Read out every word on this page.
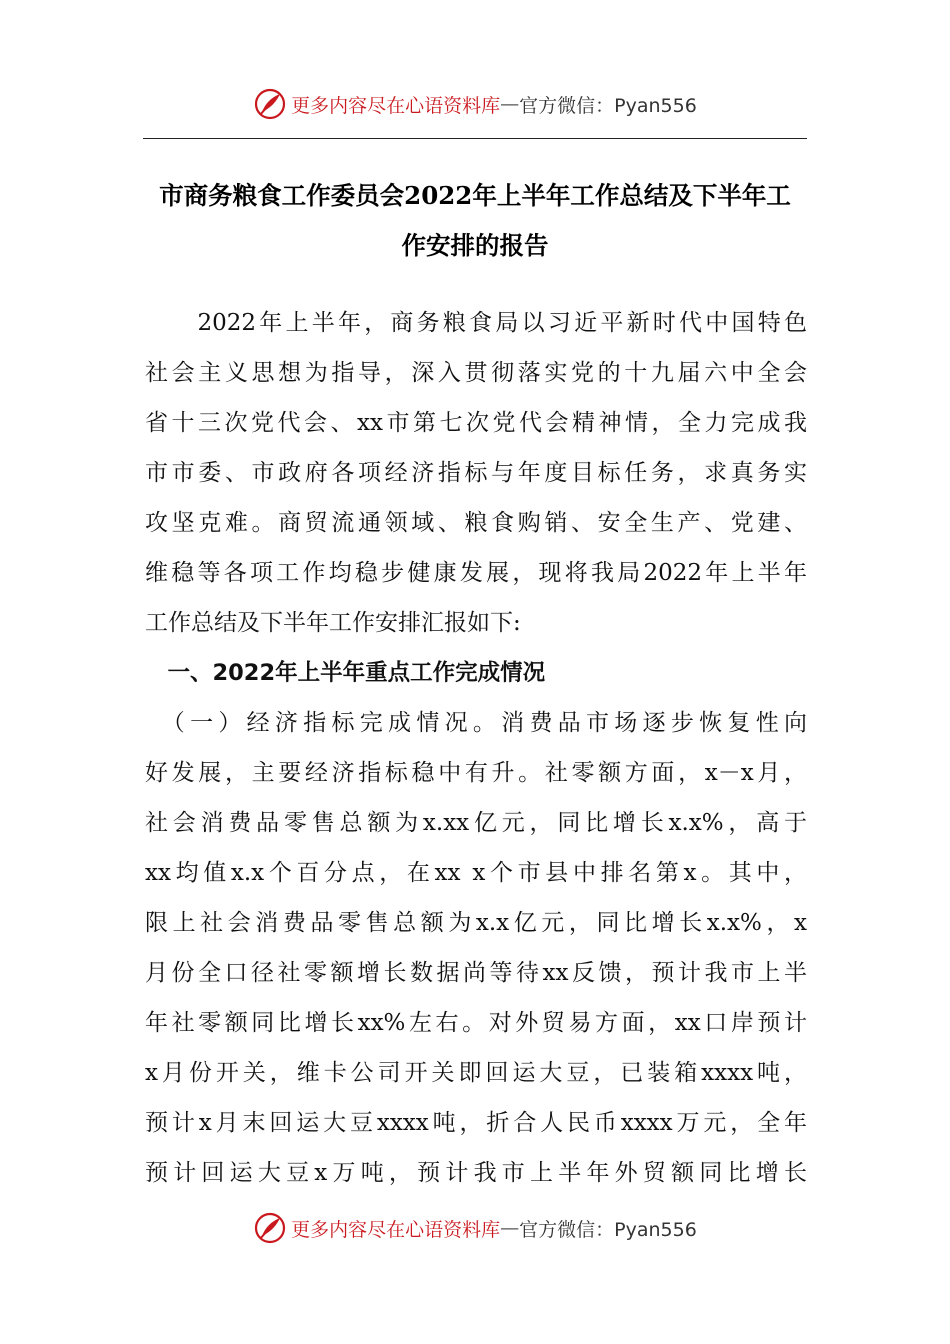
更多内容尽在心语资料库 — 官方微信：Pyan556
市商务粮食工作委员会2022年上半年工作总结及下半年工
作安排的报告
　　2022年上半年，商务粮食局以习近平新时代中国特色
社会主义思想为指导，深入贯彻落实党的十九届六中全会
省十三次党代会、xx市第七次党代会精神情，全力完成我
市市委、市政府各项经济指标与年度目标任务，求真务实
攻坚克难。商贸流通领域、粮食购销、安全生产、党建、
维稳等各项工作均稳步健康发展，现将我局2022年上半年
工作总结及下半年工作安排汇报如下:
　一、2022年上半年重点工作完成情况
　（一）经济指标完成情况。消费品市场逐步恢复性向
好发展，主要经济指标稳中有升。社零额方面，x－x月，
社会消费品零售总额为x.xx亿元，同比增长x.x%，高于
xx均值x.x个百分点，在xx x个市县中排名第x。其中，
限上社会消费品零售总额为x.x亿元，同比增长x.x%，x
月份全口径社零额增长数据尚等待xx反馈，预计我市上半
年社零额同比增长xx%左右。对外贸易方面，xx口岸预计
x月份开关，维卡公司开关即回运大豆，已装箱xxxx吨，
预计x月末回运大豆xxxx吨，折合人民币xxxx万元，全年
预计回运大豆x万吨，预计我市上半年外贸额同比增长
更多内容尽在心语资料库 — 官方微信：Pyan556
